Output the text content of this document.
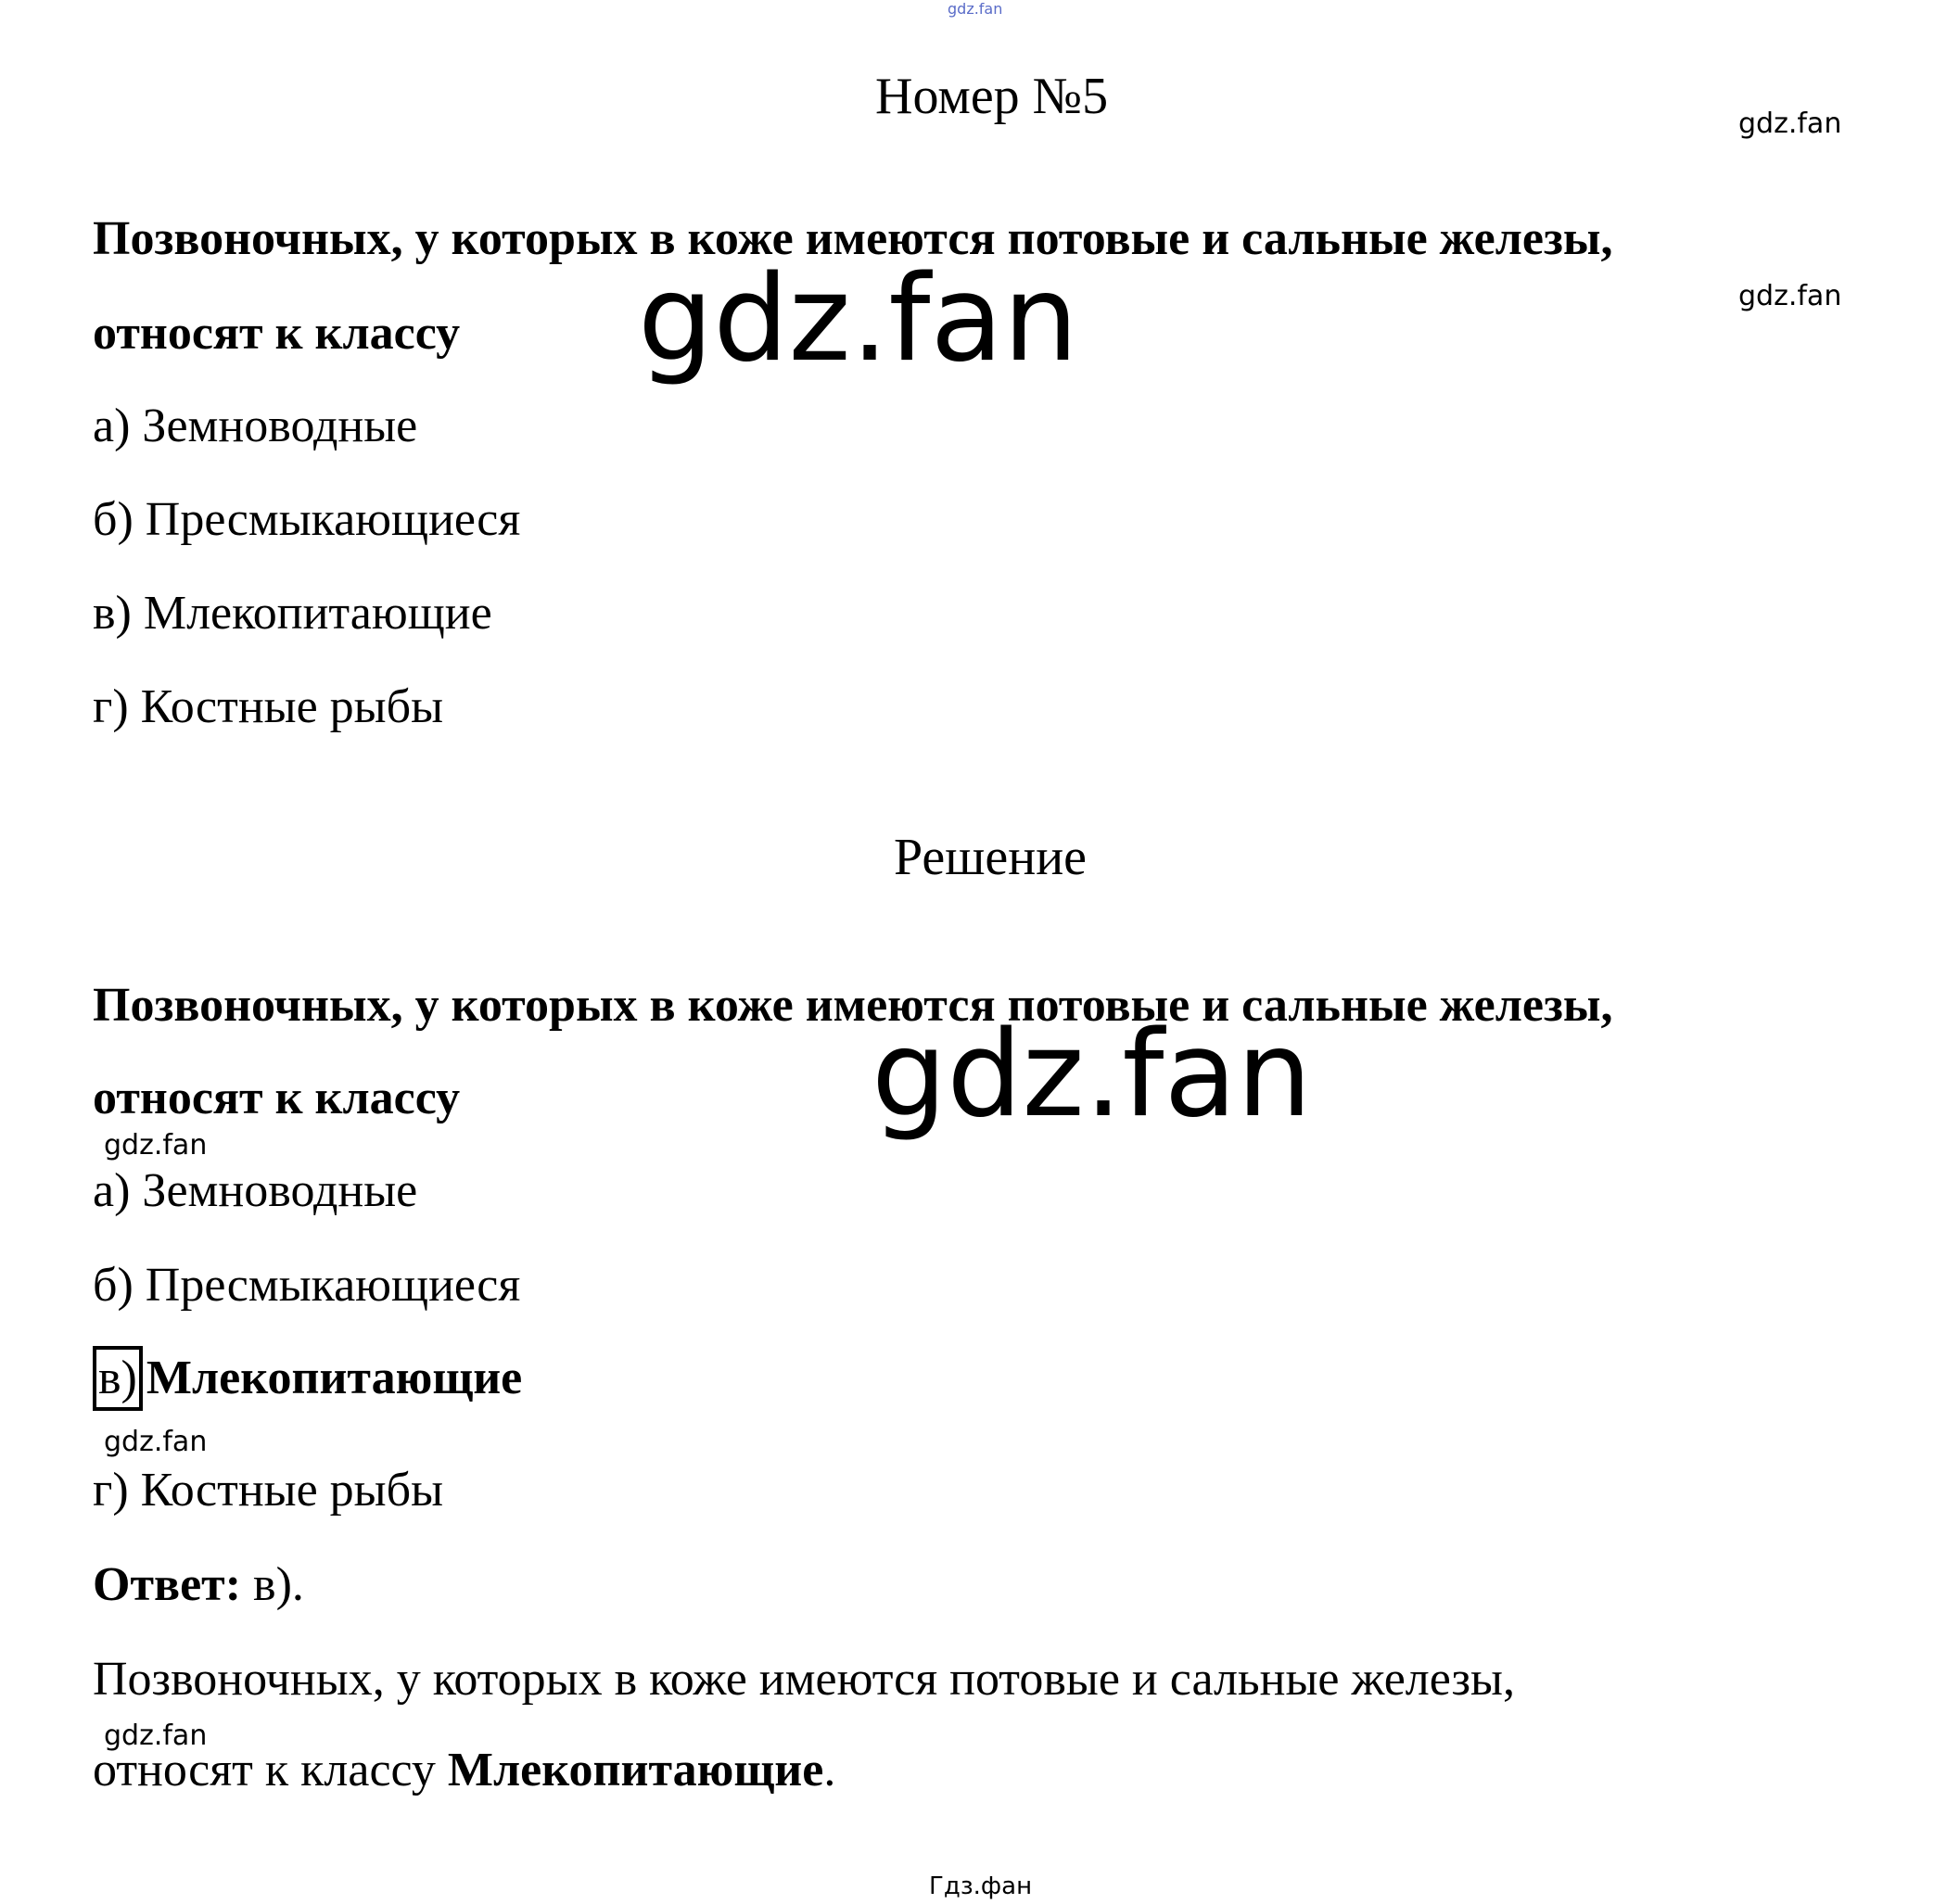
gdz.fan
Номер №5	gdz.fan
Позвоночных, у которых в коже имеются потовые и сальные железы,
gdz.fan
относят к классу gdz.fan
а) Земноводные
б) Пресмыкающиеся
в) Млекопитающие
г) Костные рыбы
Решение
Позвоночных, у которых в коже имеются потовые и сальные железы,
относят к классу	gdz.fan
gdz.fan
а) Земноводные
б) Пресмыкающиеся
в) Млекопитающие
gdz.fan
г) Костные рыбы
Ответ: в).
Позвоночных, у которых в коже имеются потовые и сальные железы,
gdz.fan
относят к классу Млекопитающие.
Гдз.фан
